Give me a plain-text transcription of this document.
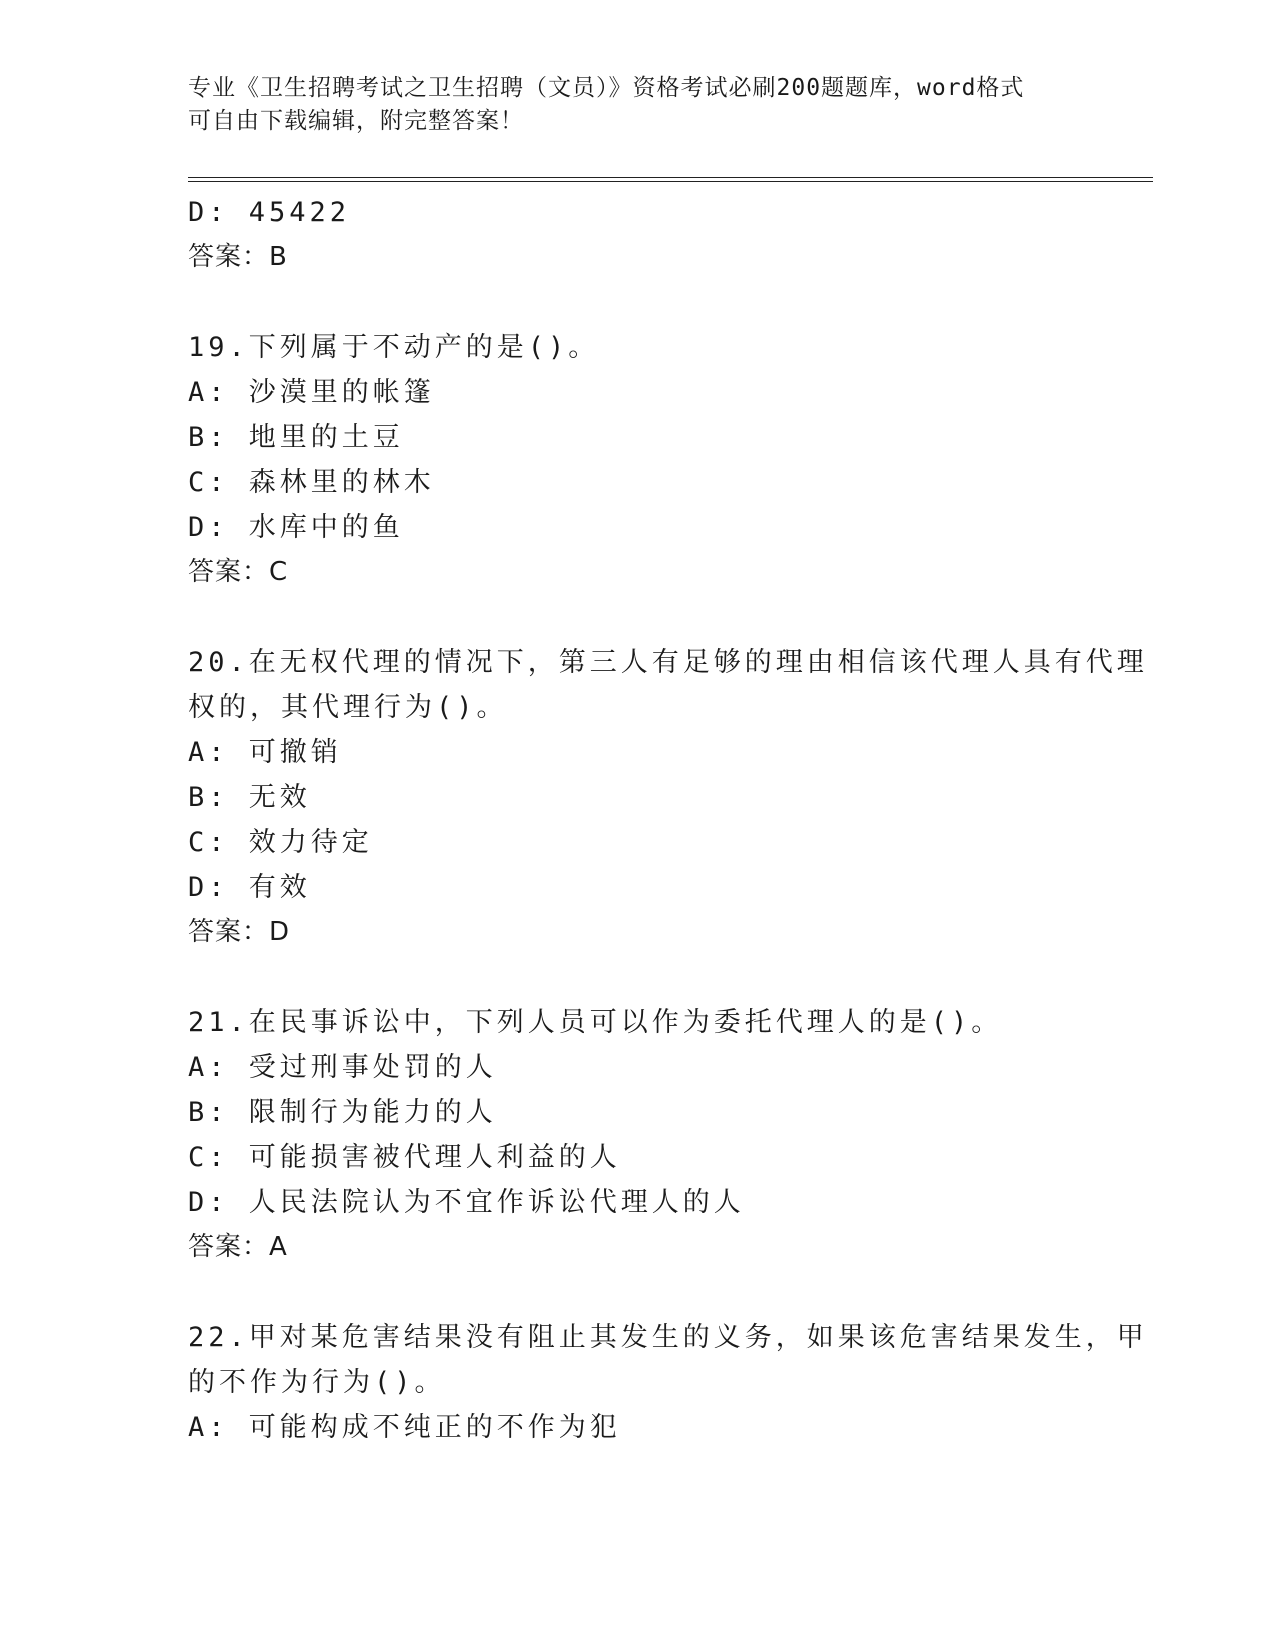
专业《卫生招聘考试之卫生招聘（文员）》资格考试必刷200题题库，word格式
可自由下载编辑，附完整答案！
D: 45422
答案：B
19.下列属于不动产的是()。
A: 沙漠里的帐篷
B: 地里的土豆
C: 森林里的林木
D: 水库中的鱼
答案：C
20.在无权代理的情况下，第三人有足够的理由相信该代理人具有代理
权的，其代理行为()。
A: 可撤销
B: 无效
C: 效力待定
D: 有效
答案：D
21.在民事诉讼中，下列人员可以作为委托代理人的是()。
A: 受过刑事处罚的人
B: 限制行为能力的人
C: 可能损害被代理人利益的人
D: 人民法院认为不宜作诉讼代理人的人
答案：A
22.甲对某危害结果没有阻止其发生的义务，如果该危害结果发生，甲
的不作为行为()。
A: 可能构成不纯正的不作为犯
